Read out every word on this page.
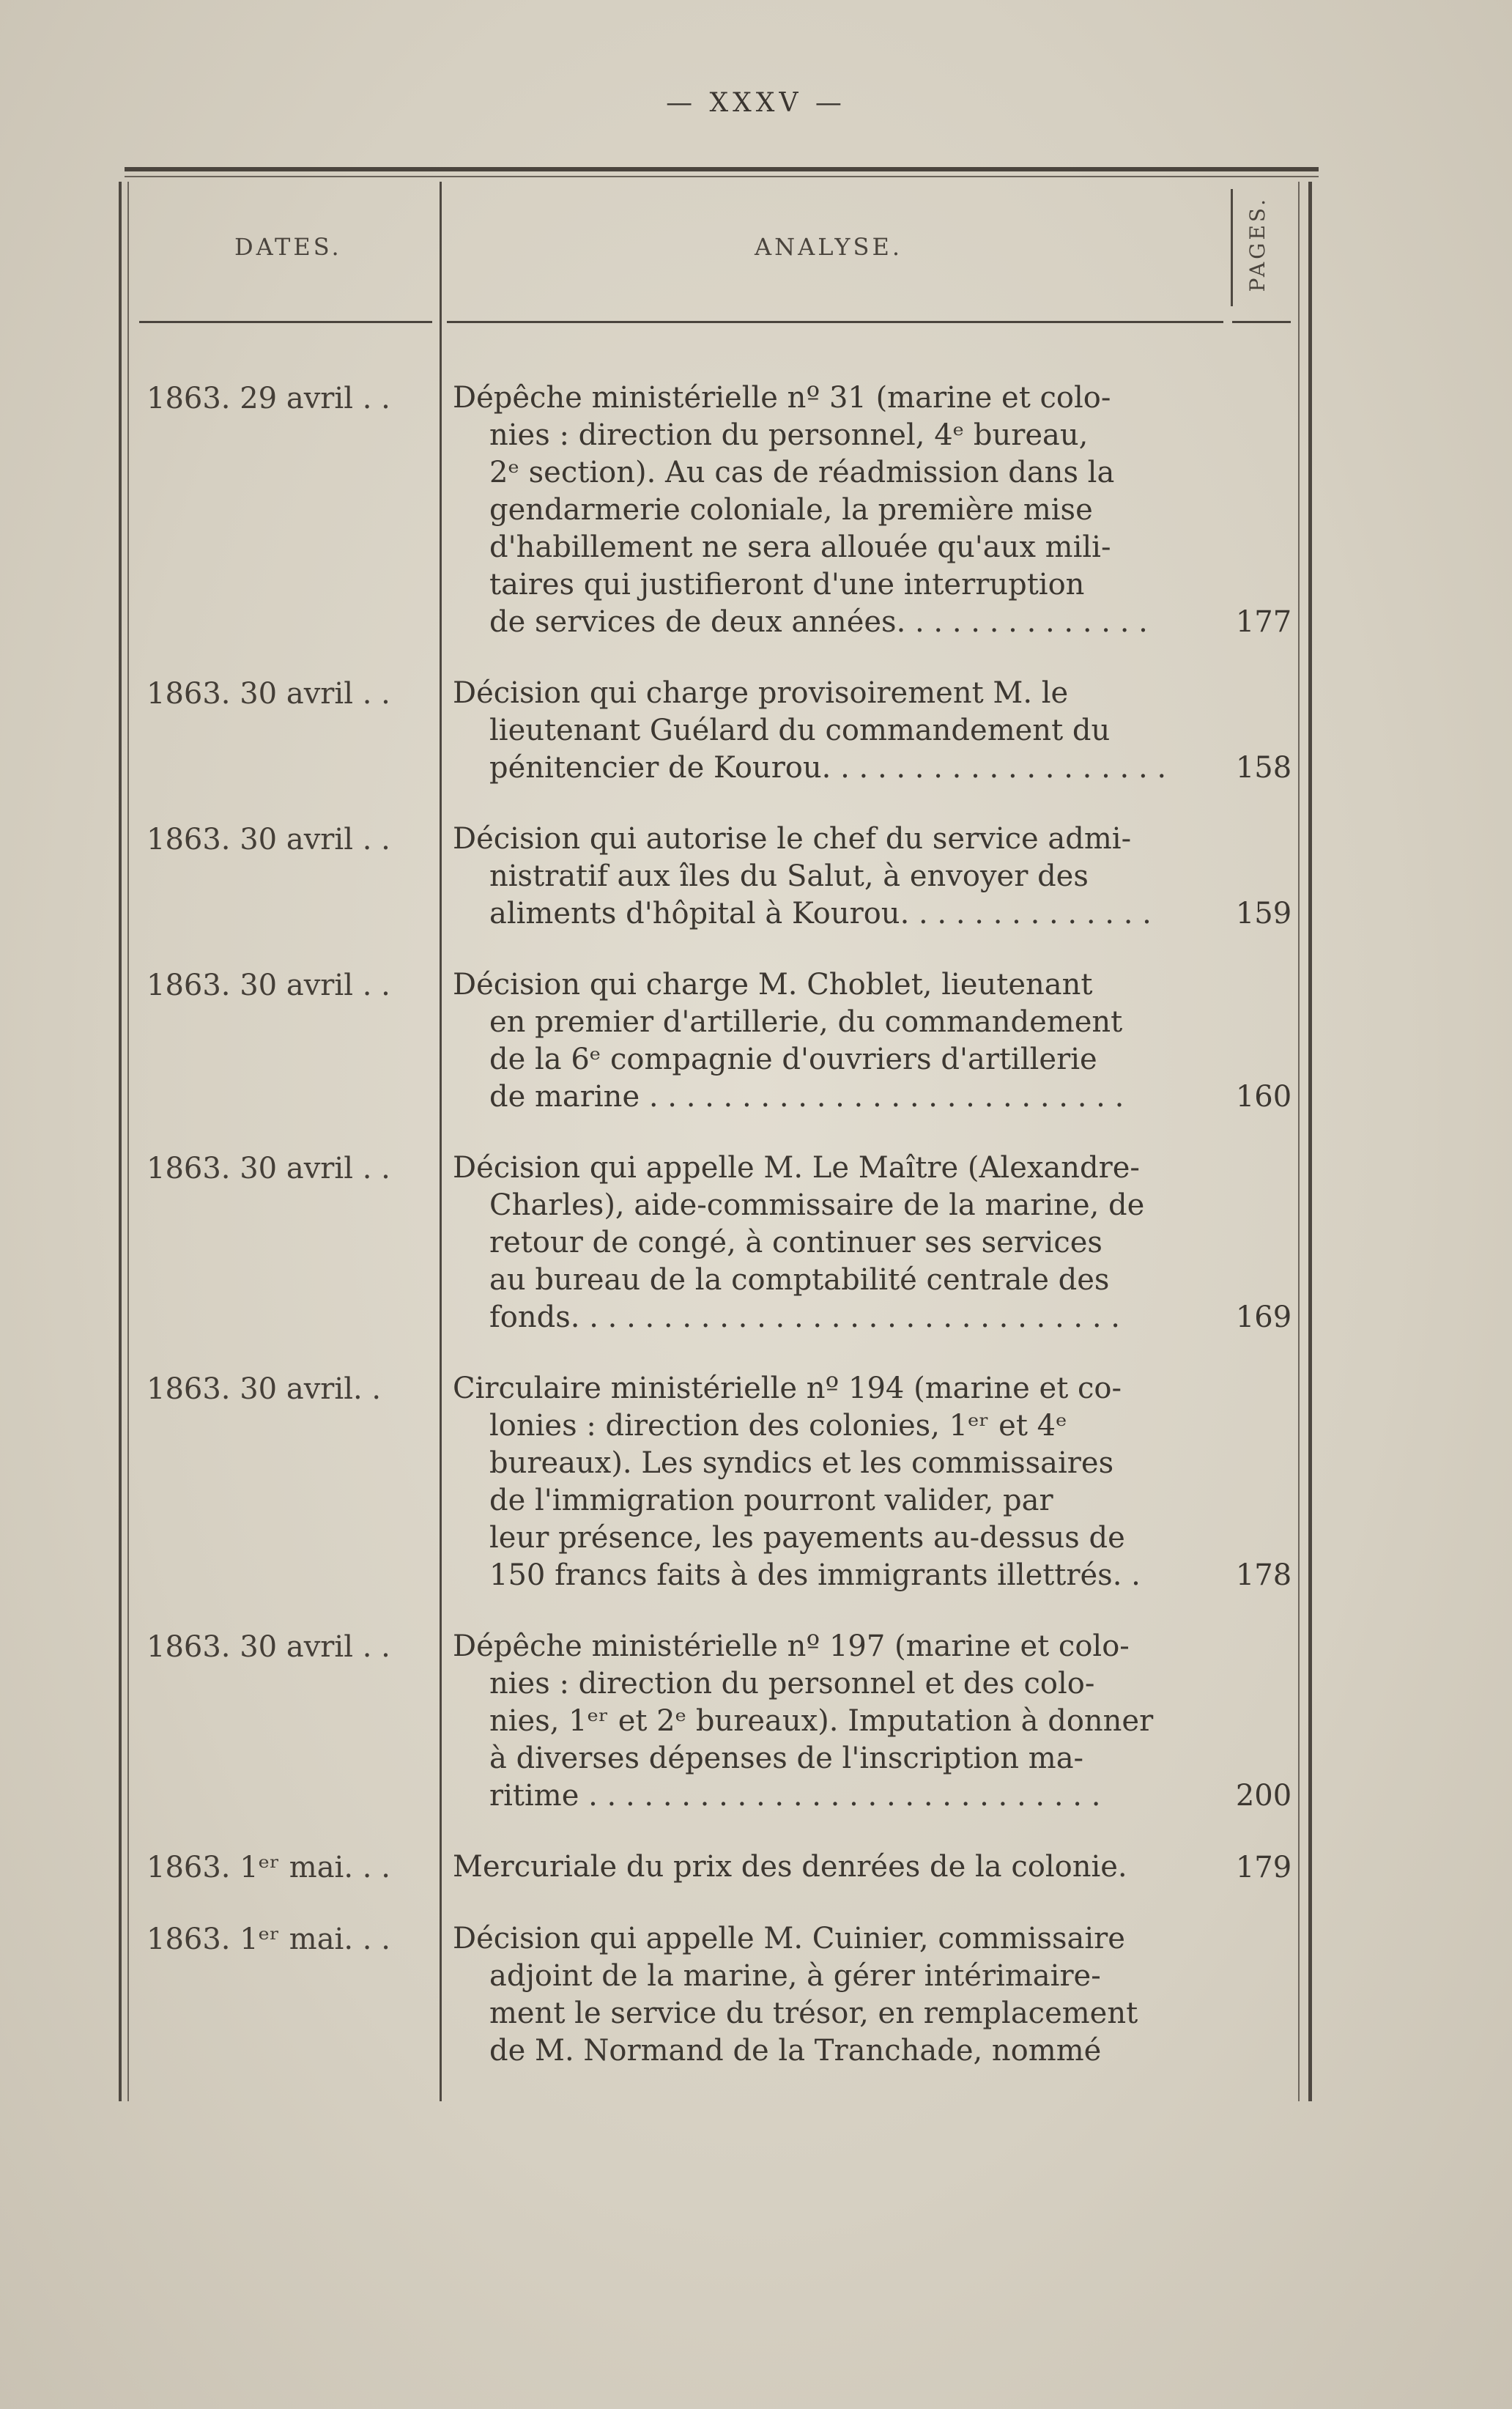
— XXXV —
DATES.	ANALYSE.	PAGES.
1863. 29 avril . .	Dépêche ministérielle nº 31 (marine et colo-
nies : direction du personnel, 4ᵉ bureau,
2ᵉ section). Au cas de réadmission dans la
gendarmerie coloniale, la première mise
d'habillement ne sera allouée qu'aux mili-
taires qui justifieront d'une interruption
de services de deux années. . . . . . . . . . . . . .	177
1863. 30 avril . .	Décision qui charge provisoirement M. le
lieutenant Guélard du commandement du
pénitencier de Kourou. . . . . . . . . . . . . . . . . . .	158
1863. 30 avril . .	Décision qui autorise le chef du service admi-
nistratif aux îles du Salut, à envoyer des
aliments d'hôpital à Kourou. . . . . . . . . . . . . .	159
1863. 30 avril . .	Décision qui charge M. Choblet, lieutenant
en premier d'artillerie, du commandement
de la 6ᵉ compagnie d'ouvriers d'artillerie
de marine . . . . . . . . . . . . . . . . . . . . . . . . . .	160
1863. 30 avril . .	Décision qui appelle M. Le Maître (Alexandre-
Charles), aide-commissaire de la marine, de
retour de congé, à continuer ses services
au bureau de la comptabilité centrale des
fonds. . . . . . . . . . . . . . . . . . . . . . . . . . . . . .	169
1863. 30 avril. .	Circulaire ministérielle nº 194 (marine et co-
lonies : direction des colonies, 1ᵉʳ et 4ᵉ
bureaux). Les syndics et les commissaires
de l'immigration pourront valider, par
leur présence, les payements au-dessus de
150 francs faits à des immigrants illettrés. .	178
1863. 30 avril . .	Dépêche ministérielle nº 197 (marine et colo-
nies : direction du personnel et des colo-
nies, 1ᵉʳ et 2ᵉ bureaux). Imputation à donner
à diverses dépenses de l'inscription ma-
ritime . . . . . . . . . . . . . . . . . . . . . . . . . . . .	200
1863. 1ᵉʳ mai. . .	Mercuriale du prix des denrées de la colonie.	179
1863. 1ᵉʳ mai. . .	Décision qui appelle M. Cuinier, commissaire
adjoint de la marine, à gérer intérimaire-
ment le service du trésor, en remplacement
de M. Normand de la Tranchade, nommé
